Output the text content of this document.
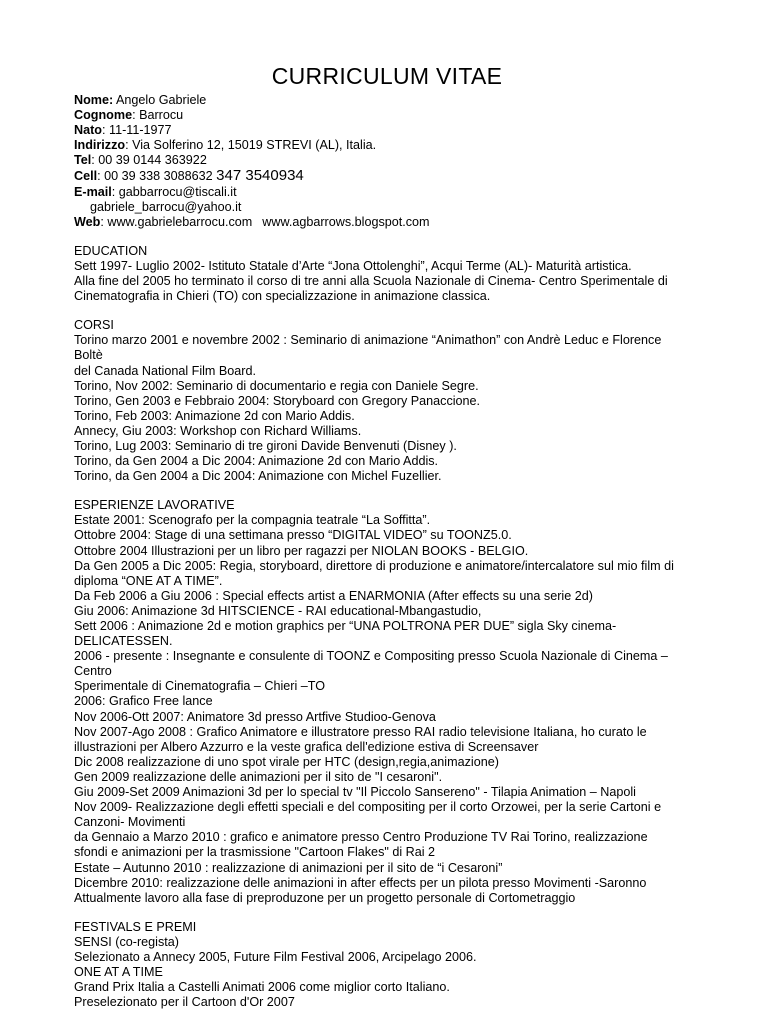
CURRICULUM VITAE
Nome: Angelo Gabriele
Cognome: Barrocu
Nato: 11-11-1977
Indirizzo: Via Solferino 12, 15019 STREVI (AL), Italia.
Tel: 00 39 0144 363922
Cell: 00 39 338 3088632 347 3540934
E-mail: gabbarrocu@tiscali.it
gabriele_barrocu@yahoo.it
Web: www.gabrielebarrocu.com www.agbarrows.blogspot.com
EDUCATION
Sett 1997- Luglio 2002- Istituto Statale d’Arte “Jona Ottolenghi”, Acqui Terme (AL)- Maturità artistica.
Alla fine del 2005 ho terminato il corso di tre anni alla Scuola Nazionale di Cinema- Centro Sperimentale di
Cinematografia in Chieri (TO) con specializzazione in animazione classica.
CORSI
Torino marzo 2001 e novembre 2002 : Seminario di animazione “Animathon” con Andrè Leduc e Florence
Boltè
del Canada National Film Board.
Torino, Nov 2002: Seminario di documentario e regia con Daniele Segre.
Torino, Gen 2003 e Febbraio 2004: Storyboard con Gregory Panaccione.
Torino, Feb 2003: Animazione 2d con Mario Addis.
Annecy, Giu 2003: Workshop con Richard Williams.
Torino, Lug 2003: Seminario di tre gironi Davide Benvenuti (Disney ).
Torino, da Gen 2004 a Dic 2004: Animazione 2d con Mario Addis.
Torino, da Gen 2004 a Dic 2004: Animazione con Michel Fuzellier.
ESPERIENZE LAVORATIVE
Estate 2001: Scenografo per la compagnia teatrale “La Soffitta”.
Ottobre 2004: Stage di una settimana presso “DIGITAL VIDEO” su TOONZ5.0.
Ottobre 2004 Illustrazioni per un libro per ragazzi per NIOLAN BOOKS - BELGIO.
Da Gen 2005 a Dic 2005: Regia, storyboard, direttore di produzione e animatore/intercalatore sul mio film di
diploma “ONE AT A TIME”.
Da Feb 2006 a Giu 2006 : Special effects artist a ENARMONIA (After effects su una serie 2d)
Giu 2006: Animazione 3d HITSCIENCE - RAI educational-Mbangastudio,
Sett 2006 : Animazione 2d e motion graphics per “UNA POLTRONA PER DUE” sigla Sky cinema-
DELICATESSEN.
2006 - presente : Insegnante e consulente di TOONZ e Compositing presso Scuola Nazionale di Cinema –
Centro
Sperimentale di Cinematografia – Chieri –TO
2006: Grafico Free lance
Nov 2006-Ott 2007: Animatore 3d presso Artfive Studioo-Genova
Nov 2007-Ago 2008 : Grafico Animatore e illustratore presso RAI radio televisione Italiana, ho curato le
illustrazioni per Albero Azzurro e la veste grafica dell'edizione estiva di Screensaver
Dic 2008 realizzazione di uno spot virale per HTC (design,regia,animazione)
Gen 2009 realizzazione delle animazioni per il sito de "I cesaroni".
Giu 2009-Set 2009 Animazioni 3d per lo special tv "Il Piccolo Sansereno" - Tilapia Animation – Napoli
Nov 2009- Realizzazione degli effetti speciali e del compositing per il corto Orzowei, per la serie Cartoni e
Canzoni- Movimenti
da Gennaio a Marzo 2010 : grafico e animatore presso Centro Produzione TV Rai Torino, realizzazione
sfondi e animazioni per la trasmissione "Cartoon Flakes" di Rai 2
Estate – Autunno 2010 : realizzazione di animazioni per il sito de “i Cesaroni”
Dicembre 2010: realizzazione delle animazioni in after effects per un pilota presso Movimenti -Saronno
Attualmente lavoro alla fase di preproduzone per un progetto personale di Cortometraggio
FESTIVALS E PREMI
SENSI (co-regista)
Selezionato a Annecy 2005, Future Film Festival 2006, Arcipelago 2006.
ONE AT A TIME
Grand Prix Italia a Castelli Animati 2006 come miglior corto Italiano.
Preselezionato per il Cartoon d'Or 2007
